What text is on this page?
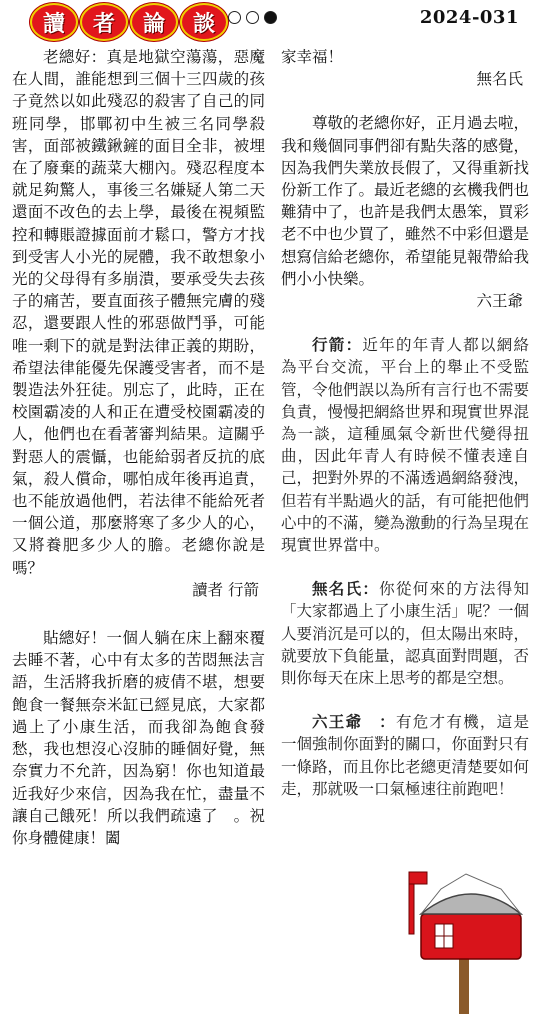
讀	者	論	談	2024-031

老總好：真是地獄空蕩蕩，惡魔在人間，誰能想到三個十三四歲的孩子竟然以如此殘忍的殺害了自己的同班同學，邯鄲初中生被三名同學殺害，面部被鐵鍬鏟的面目全非，被埋在了廢棄的蔬菜大棚內。殘忍程度本就足夠驚人，事後三名嫌疑人第二天還面不改色的去上學，最後在視頻監控和轉賬證據面前才鬆口，警方才找到受害人小光的屍體，我不敢想象小光的父母得有多崩潰，要承受失去孩子的痛苦，要直面孩子體無完膚的殘忍，還要跟人性的邪惡做鬥爭，可能唯一剩下的就是對法律正義的期盼，希望法律能優先保護受害者，而不是製造法外狂徒。別忘了，此時，正在校園霸凌的人和正在遭受校園霸凌的人，他們也在看著審判結果。這關乎對惡人的震懾，也能給弱者反抗的底氣，殺人償命，哪怕成年後再追責，也不能放過他們，若法律不能給死者一個公道，那麼將寒了多少人的心，又將養肥多少人的膽。老總你說是嗎？

讀者 行箭

貼總好！一個人躺在床上翻來覆去睡不著，心中有太多的苦悶無法言語，生活將我折磨的疲倩不堪，想要飽食一餐無奈米缸已經見底，大家都過上了小康生活，而我卻為飽食發愁，我也想沒心沒肺的睡個好覺，無奈實力不允許，因為窮！你也知道最近我好少來信，因為我在忙，盡量不讓自己餓死！所以我們疏遠了　。祝你身體健康！闔

家幸福！

無名氏

尊敬的老總你好，正月過去啦，我和幾個同事們卻有點失落的感覺，因為我們失業放長假了，又得重新找份新工作了。最近老總的玄機我們也難猜中了，也許是我們太愚笨，買彩老不中也少買了，雖然不中彩但還是想寫信給老總你，希望能見報帶給我們小小快樂。

六王爺

行箭：近年的年青人都以網絡為平台交流，平台上的舉止不受監管，令他們誤以為所有言行也不需要負責，慢慢把網絡世界和現實世界混為一談，這種風氣令新世代變得扭曲，因此年青人有時候不懂表達自己，把對外界的不滿透過網絡發洩，但若有半點過火的話，有可能把他們心中的不滿，變為激動的行為呈現在現實世界當中。

無名氏：你從何來的方法得知「大家都過上了小康生活」呢？一個人要消沉是可以的，但太陽出來時，就要放下負能量，認真面對問題，否則你每天在床上思考的都是空想。

六王爺　：有危才有機，這是一個強制你面對的關口，你面對只有一條路，而且你比老總更清楚要如何走，那就吸一口氣極速往前跑吧！
